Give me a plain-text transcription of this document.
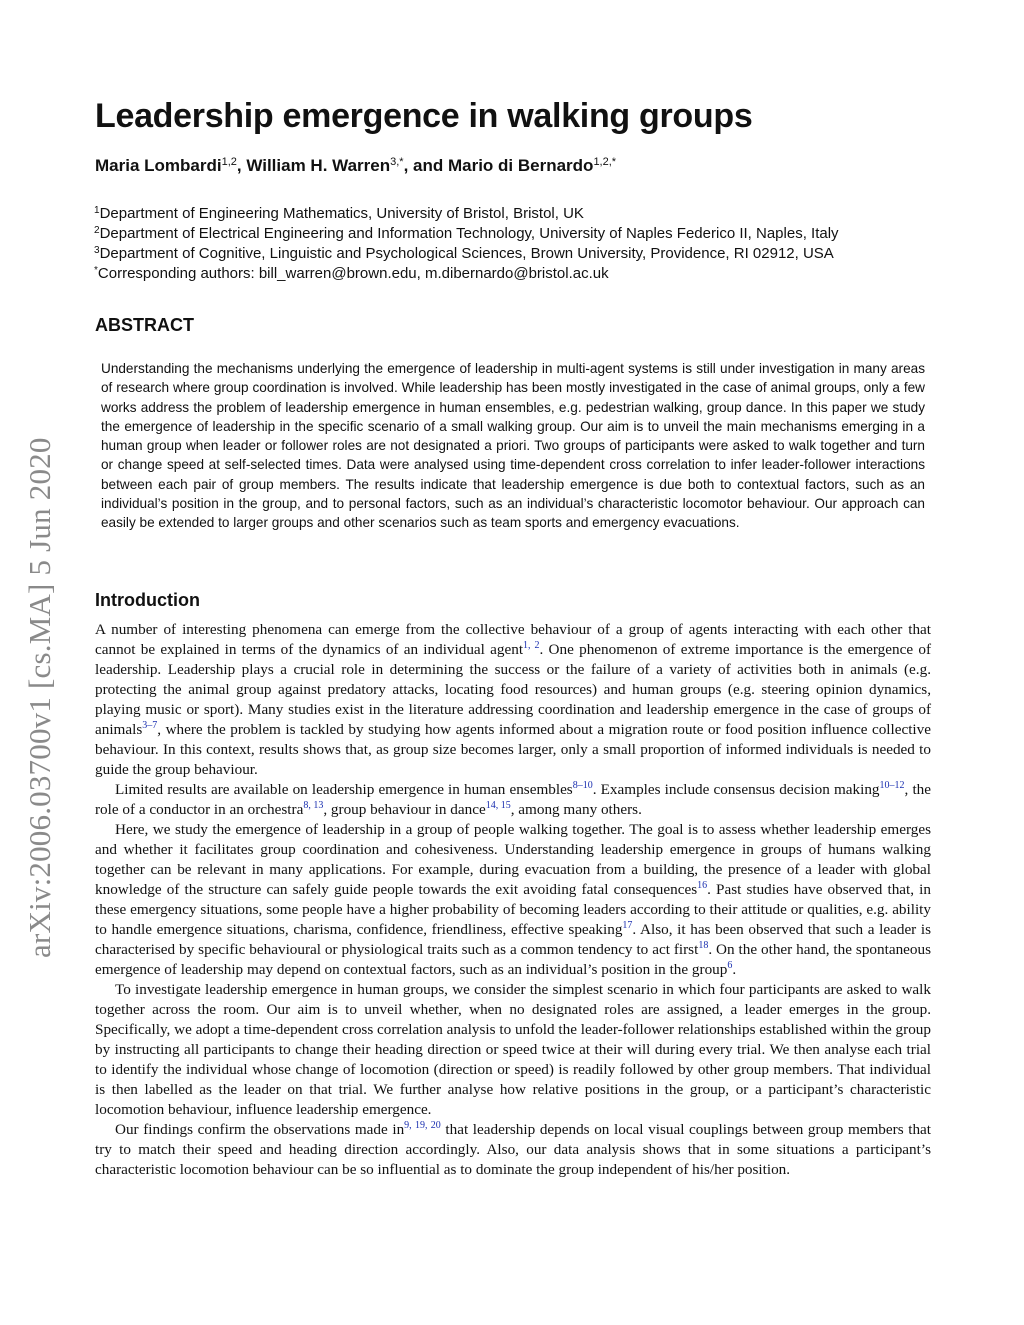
arXiv:2006.03700v1 [cs.MA] 5 Jun 2020
Leadership emergence in walking groups
Maria Lombardi$^{1,2}$, William H. Warren$^{3,*}$, and Mario di Bernardo$^{1,2,*}$
$^1$Department of Engineering Mathematics, University of Bristol, Bristol, UK
$^2$Department of Electrical Engineering and Information Technology, University of Naples Federico II, Naples, Italy
$^3$Department of Cognitive, Linguistic and Psychological Sciences, Brown University, Providence, RI 02912, USA
*Corresponding authors: bill_warren@brown.edu, m.dibernardo@bristol.ac.uk
ABSTRACT

Understanding the mechanisms underlying the emergence of leadership in multi-agent systems is still under investigation in many areas of research where group coordination is involved. While leadership has been mostly investigated in the case of animal groups, only a few works address the problem of leadership emergence in human ensembles, e.g. pedestrian walking, group dance. In this paper we study the emergence of leadership in the specific scenario of a small walking group. Our aim is to unveil the main mechanisms emerging in a human group when leader or follower roles are not designated a priori. Two groups of participants were asked to walk together and turn or change speed at self-selected times. Data were analysed using time-dependent cross correlation to infer leader-follower interactions between each pair of group members. The results indicate that leadership emergence is due both to contextual factors, such as an individual’s position in the group, and to personal factors, such as an individual’s characteristic locomotor behaviour. Our approach can easily be extended to larger groups and other scenarios such as team sports and emergency evacuations.

Introduction

A number of interesting phenomena can emerge from the collective behaviour of a group of agents interacting with each other that cannot be explained in terms of the dynamics of an individual agent$^{1, 2}$. One phenomenon of extreme importance is the emergence of leadership. Leadership plays a crucial role in determining the success or the failure of a variety of activities both in animals (e.g. protecting the animal group against predatory attacks, locating food resources) and human groups (e.g. steering opinion dynamics, playing music or sport). Many studies exist in the literature addressing coordination and leadership emergence in the case of groups of animals$^{3-7}$, where the problem is tackled by studying how agents informed about a migration route or food position influence collective behaviour. In this context, results shows that, as group size becomes larger, only a small proportion of informed individuals is needed to guide the group behaviour.

Limited results are available on leadership emergence in human ensembles$^{8-10}$. Examples include consensus decision making$^{10-12}$, the role of a conductor in an orchestra$^{8, 13}$, group behaviour in dance$^{14, 15}$, among many others.

Here, we study the emergence of leadership in a group of people walking together. The goal is to assess whether leadership emerges and whether it facilitates group coordination and cohesiveness. Understanding leadership emergence in groups of humans walking together can be relevant in many applications. For example, during evacuation from a building, the presence of a leader with global knowledge of the structure can safely guide people towards the exit avoiding fatal consequences$^{16}$. Past studies have observed that, in these emergency situations, some people have a higher probability of becoming leaders according to their attitude or qualities, e.g. ability to handle emergence situations, charisma, confidence, friendliness, effective speaking$^{17}$. Also, it has been observed that such a leader is characterised by specific behavioural or physiological traits such as a common tendency to act first$^{18}$. On the other hand, the spontaneous emergence of leadership may depend on contextual factors, such as an individual’s position in the group$^6$.

To investigate leadership emergence in human groups, we consider the simplest scenario in which four participants are asked to walk together across the room. Our aim is to unveil whether, when no designated roles are assigned, a leader emerges in the group. Specifically, we adopt a time-dependent cross correlation analysis to unfold the leader-follower relationships established within the group by instructing all participants to change their heading direction or speed twice at their will during every trial. We then analyse each trial to identify the individual whose change of locomotion (direction or speed) is readily followed by other group members. That individual is then labelled as the leader on that trial. We further analyse how relative positions in the group, or a participant’s characteristic locomotion behaviour, influence leadership emergence.

Our findings confirm the observations made in$^{9, 19, 20}$ that leadership depends on local visual couplings between group members that try to match their speed and heading direction accordingly. Also, our data analysis shows that in some situations a participant’s characteristic locomotion behaviour can be so influential as to dominate the group independent of his/her position.
